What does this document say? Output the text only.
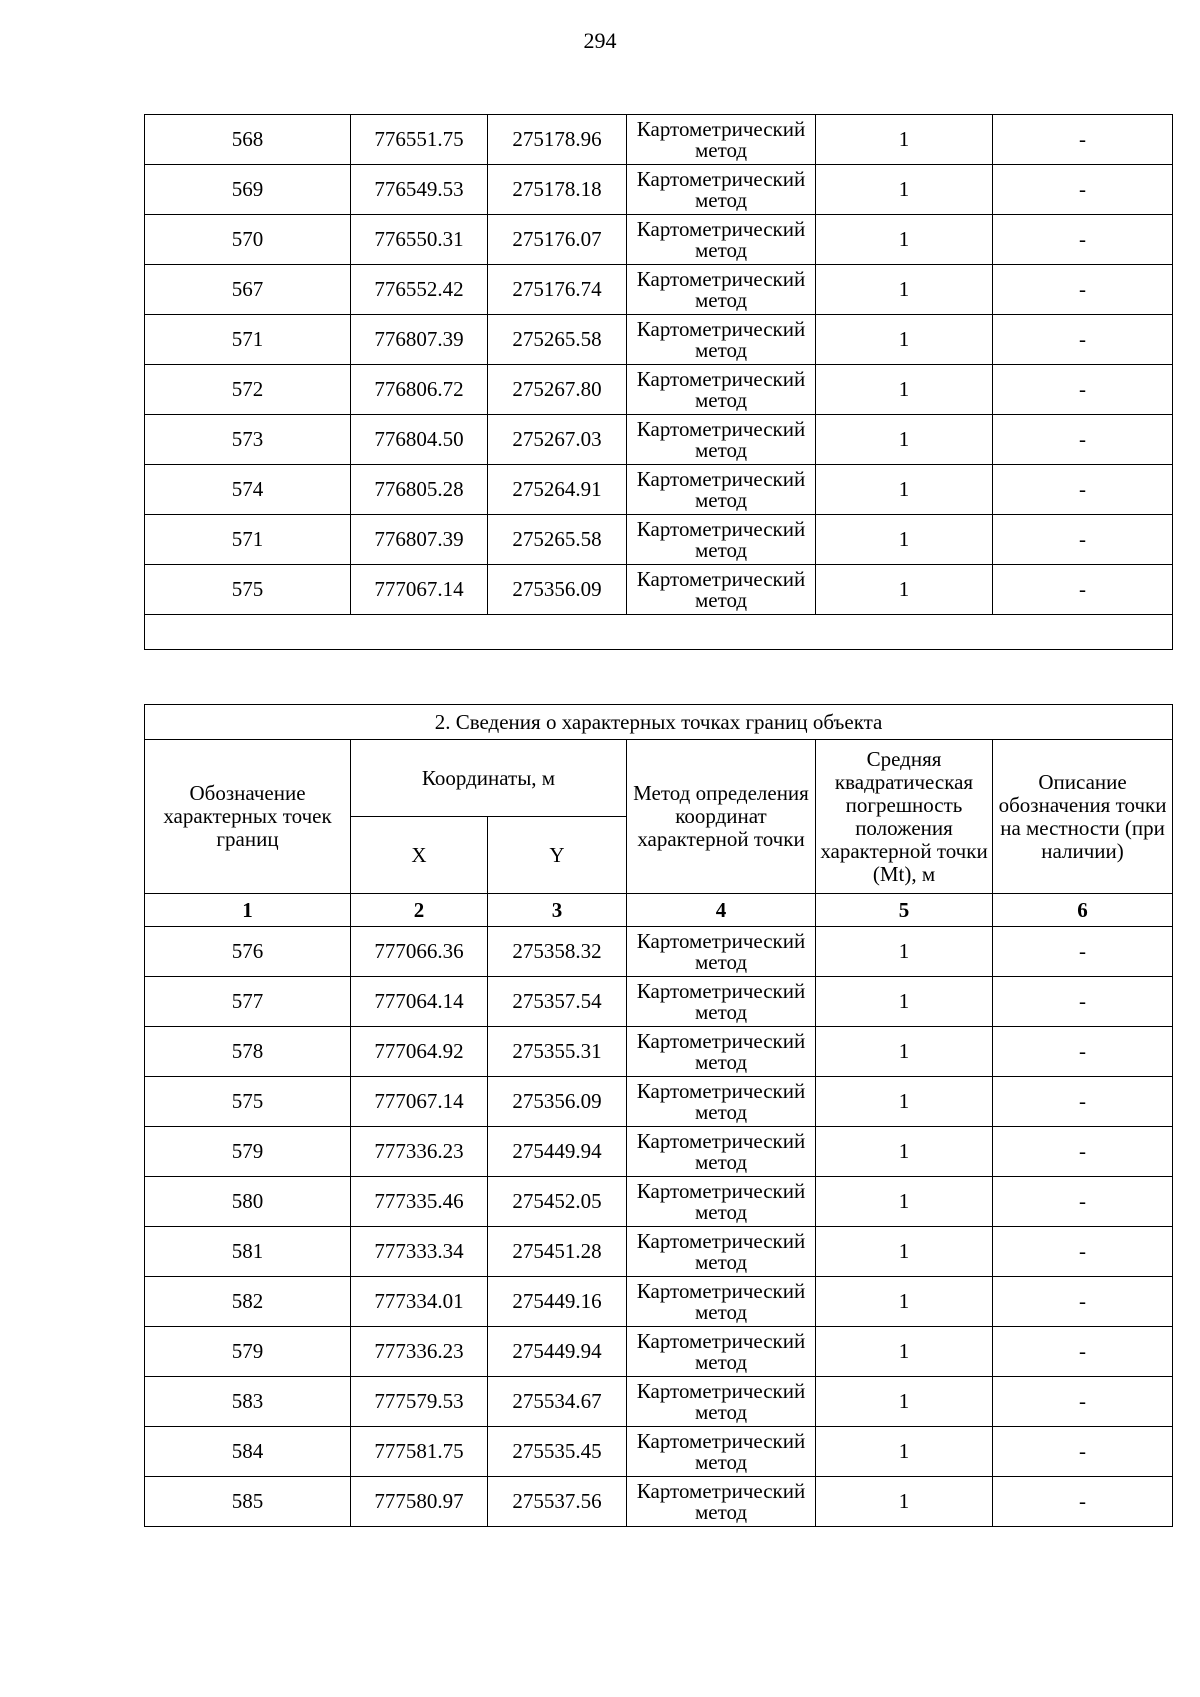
294
568	776551.75	275178.96	Картометрический метод	1	-
569	776549.53	275178.18	Картометрический метод	1	-
570	776550.31	275176.07	Картометрический метод	1	-
567	776552.42	275176.74	Картометрический метод	1	-
571	776807.39	275265.58	Картометрический метод	1	-
572	776806.72	275267.80	Картометрический метод	1	-
573	776804.50	275267.03	Картометрический метод	1	-
574	776805.28	275264.91	Картометрический метод	1	-
571	776807.39	275265.58	Картометрический метод	1	-
575	777067.14	275356.09	Картометрический метод	1	-

2. Сведения о характерных точках границ объекта					
Обозначение характерных точек границ	Координаты, м		Метод определения координат характерной точки	Средняя квадратическая погрешность положения характерной точки (Mt), м	Описание обозначения точки на местности (при наличии)
	X	Y			
1	2	3	4	5	6
576	777066.36	275358.32	Картометрический метод	1	-
577	777064.14	275357.54	Картометрический метод	1	-
578	777064.92	275355.31	Картометрический метод	1	-
575	777067.14	275356.09	Картометрический метод	1	-
579	777336.23	275449.94	Картометрический метод	1	-
580	777335.46	275452.05	Картометрический метод	1	-
581	777333.34	275451.28	Картометрический метод	1	-
582	777334.01	275449.16	Картометрический метод	1	-
579	777336.23	275449.94	Картометрический метод	1	-
583	777579.53	275534.67	Картометрический метод	1	-
584	777581.75	275535.45	Картометрический метод	1	-
585	777580.97	275537.56	Картометрический метод	1	-
